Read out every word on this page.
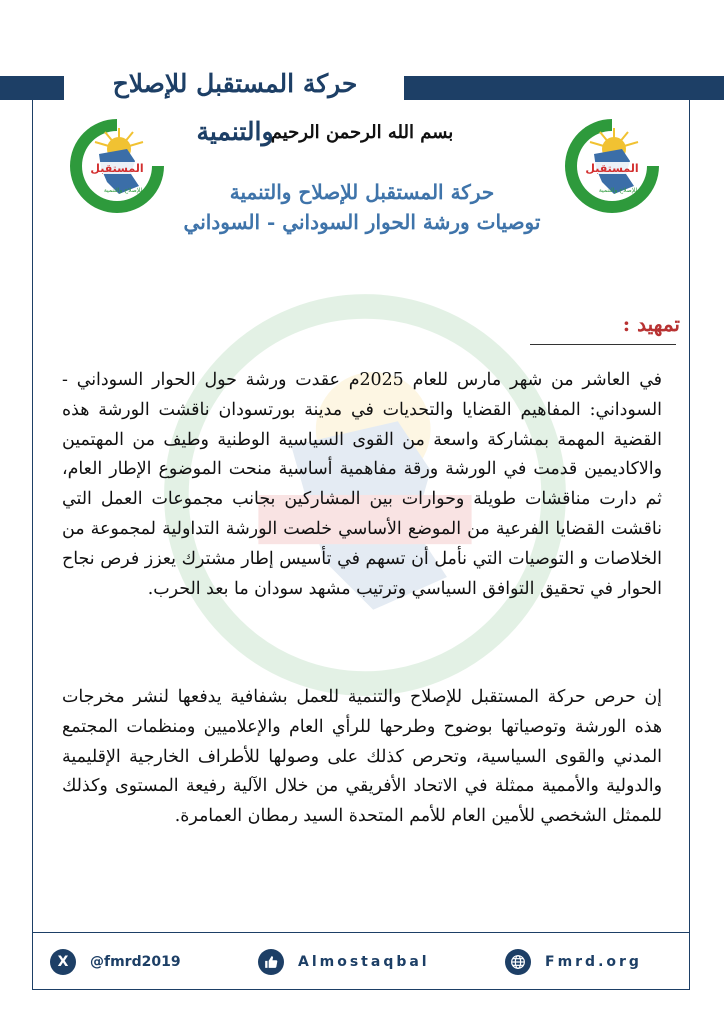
حركة المستقبل للإصلاح والتنمية
المستقبل
للإصلاح والتنمية
المستقبل
للإصلاح والتنمية
بسم الله الرحمن الرحيم
حركة المستقبل للإصلاح والتنمية
توصيات ورشة الحوار السوداني - السوداني
تمهيد :
في العاشر من شهر مارس للعام 2025م عقدت ورشة حول الحوار السوداني - السوداني: المفاهيم القضايا والتحديات في مدينة بورتسودان ناقشت الورشة هذه القضية المهمة بمشاركة واسعة من القوى السياسية الوطنية وطيف من المهتمين والاكاديمين قدمت في الورشة ورقة مفاهمية أساسية منحت الموضوع الإطار العام، ثم دارت مناقشات طويلة وحوارات بين المشاركين بجانب مجموعات العمل التي ناقشت القضايا الفرعية من الموضع الأساسي خلصت الورشة التداولية لمجموعة من الخلاصات و التوصيات التي نأمل أن تسهم في تأسيس إطار مشترك يعزز فرص نجاح الحوار في تحقيق التوافق السياسي وترتيب مشهد سودان ما بعد الحرب.
إن حرص حركة المستقبل للإصلاح والتنمية للعمل بشفافية يدفعها لنشر مخرجات هذه الورشة وتوصياتها بوضوح وطرحها للرأي العام والإعلاميين ومنظمات المجتمع المدني والقوى السياسية، وتحرص كذلك على وصولها للأطراف الخارجية الإقليمية والدولية والأممية ممثلة في الاتحاد الأفريقي من خلال الآلية رفيعة المستوى وكذلك للممثل الشخصي للأمين العام للأمم المتحدة السيد رمطان العمامرة.
X	@fmrd2019	Almostaqbal	Fmrd.org
